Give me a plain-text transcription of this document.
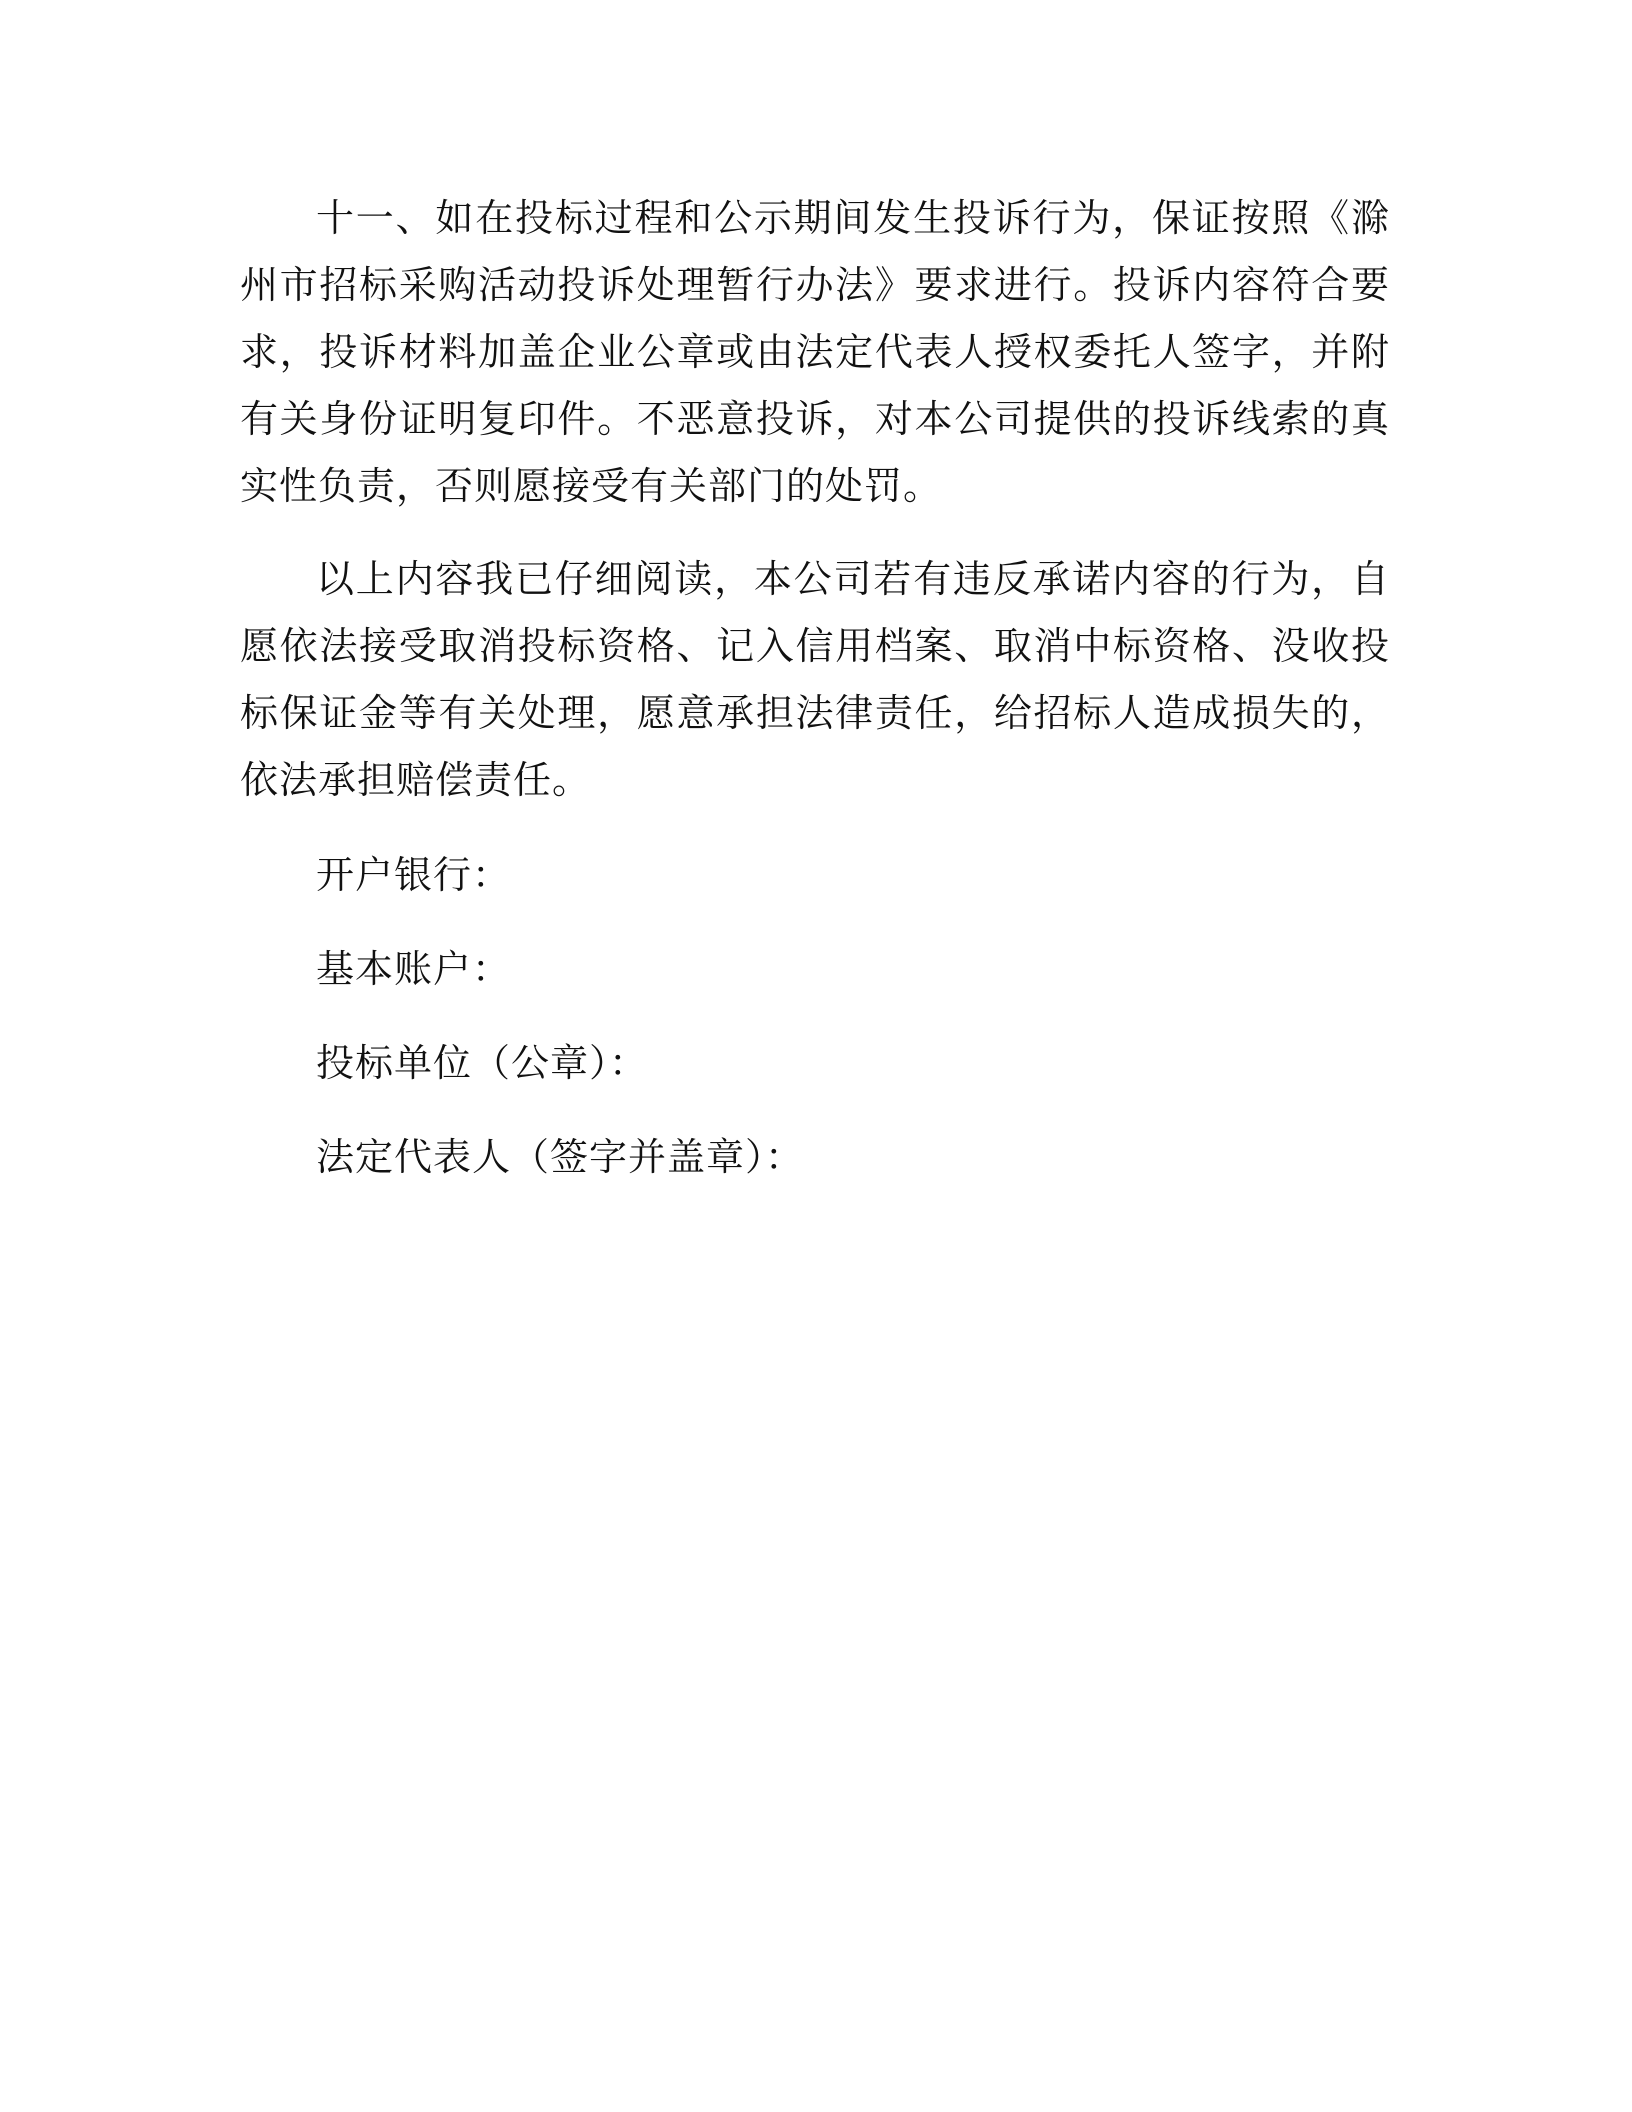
十一、如在投标过程和公示期间发生投诉行为，保证按照《滁州市招标采购活动投诉处理暂行办法》要求进行。投诉内容符合要求，投诉材料加盖企业公章或由法定代表人授权委托人签字，并附有关身份证明复印件。不恶意投诉，对本公司提供的投诉线索的真实性负责，否则愿接受有关部门的处罚。

以上内容我已仔细阅读，本公司若有违反承诺内容的行为，自愿依法接受取消投标资格、记入信用档案、取消中标资格、没收投标保证金等有关处理，愿意承担法律责任，给招标人造成损失的，依法承担赔偿责任。

开户银行：
基本账户：
投标单位（公章）：
法定代表人（签字并盖章）：
